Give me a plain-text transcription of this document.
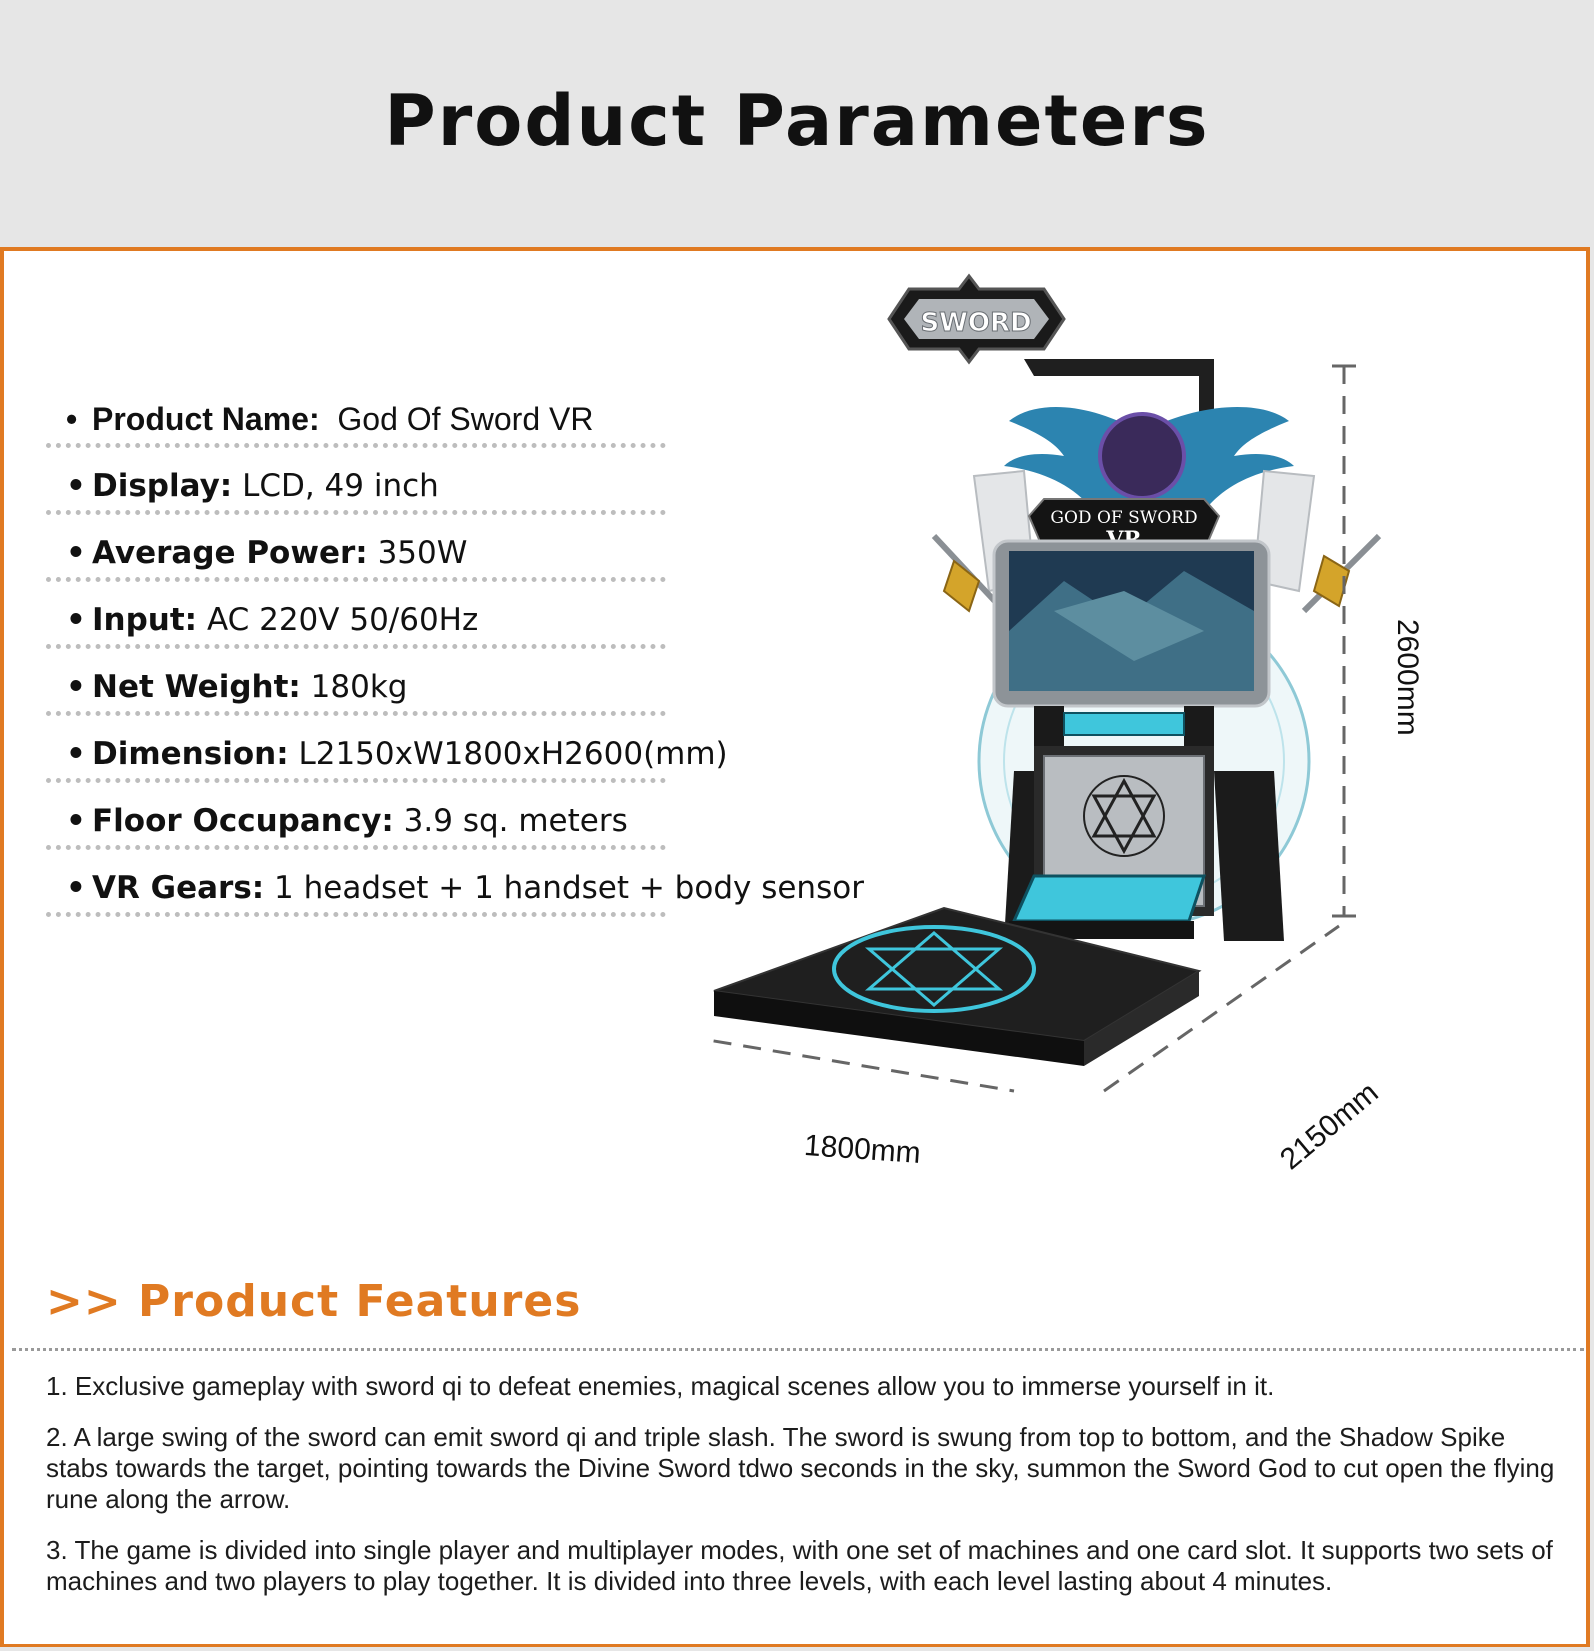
Product Parameters
• Product Name: God Of Sword VR
• Display: LCD, 49 inch
• Average Power: 350W
• Input: AC 220V 50/60Hz
• Net Weight: 180kg
• Dimension: L2150xW1800xH2600(mm)
• Floor Occupancy: 3.9 sq. meters
• VR Gears: 1 headset + 1 handset + body sensor
SWORD
GOD OF SWORD
2600mm
1800mm	2150mm
>> Product Features
1. Exclusive gameplay with sword qi to defeat enemies, magical scenes allow you to immerse yourself in it.
2. A large swing of the sword can emit sword qi and triple slash. The sword is swung from top to bottom, and the Shadow Spike stabs towards the target, pointing towards the Divine Sword tdwo seconds in the sky, summon the Sword God to cut open the flying rune along the arrow.
3. The game is divided into single player and multiplayer modes, with one set of machines and one card slot. It supports two sets of machines and two players to play together. It is divided into three levels, with each level lasting about 4 minutes.
